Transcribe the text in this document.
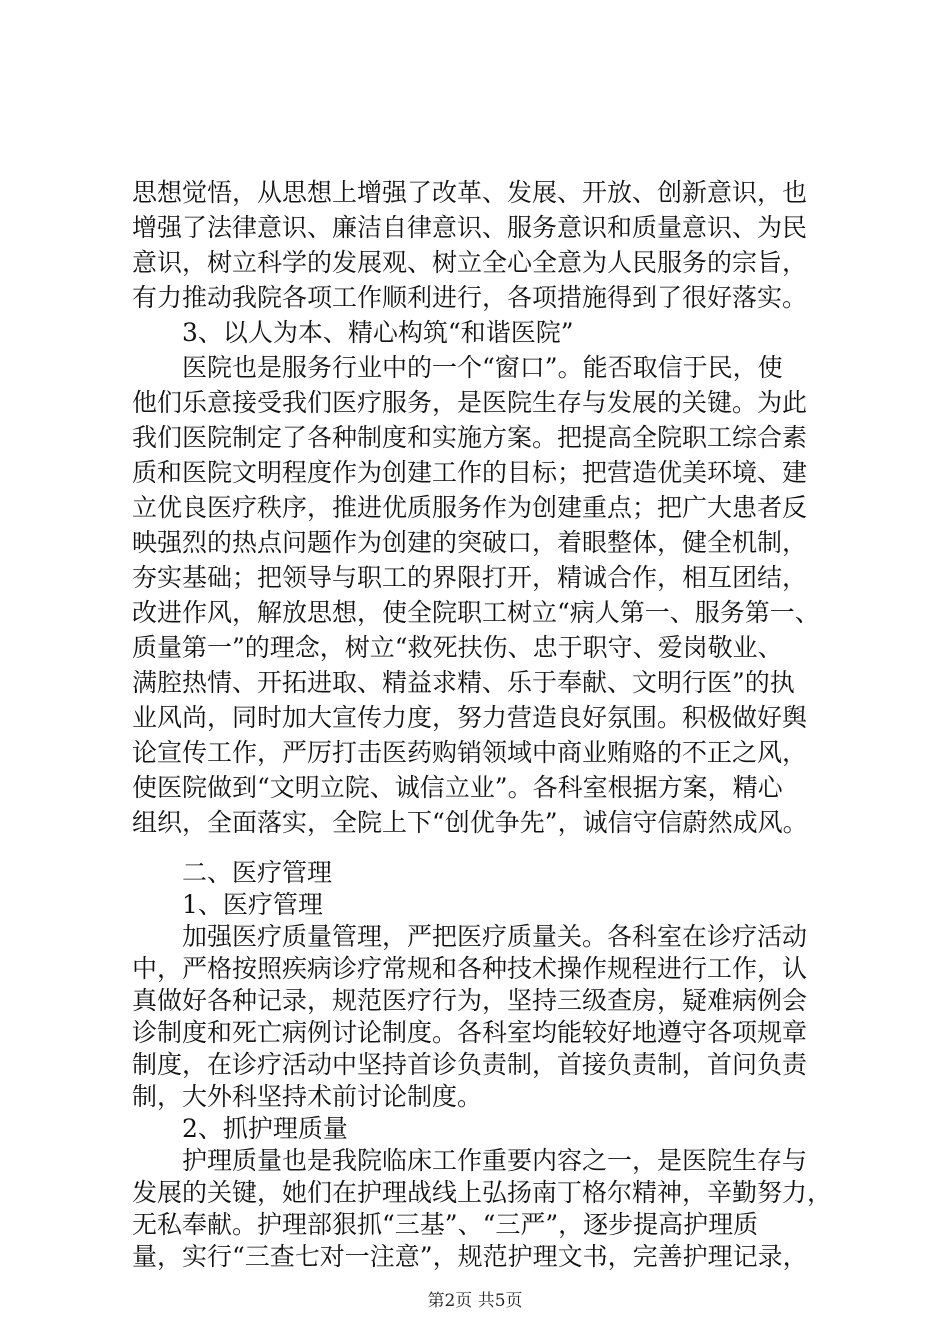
思想觉悟，从思想上增强了改革、发展、开放、创新意识，也
增强了法律意识、廉洁自律意识、服务意识和质量意识、为民
意识，树立科学的发展观、树立全心全意为人民服务的宗旨，
有力推动我院各项工作顺利进行，各项措施得到了很好落实。
3、以人为本、精心构筑“和谐医院”
医院也是服务行业中的一个“窗口”。能否取信于民，使
他们乐意接受我们医疗服务，是医院生存与发展的关键。为此
我们医院制定了各种制度和实施方案。把提高全院职工综合素
质和医院文明程度作为创建工作的目标；把营造优美环境、建
立优良医疗秩序，推进优质服务作为创建重点；把广大患者反
映强烈的热点问题作为创建的突破口，着眼整体，健全机制，
夯实基础；把领导与职工的界限打开，精诚合作，相互团结，
改进作风，解放思想，使全院职工树立“病人第一、服务第一、
质量第一”的理念，树立“救死扶伤、忠于职守、爱岗敬业、
满腔热情、开拓进取、精益求精、乐于奉献、文明行医”的执
业风尚，同时加大宣传力度，努力营造良好氛围。积极做好舆
论宣传工作，严厉打击医药购销领域中商业贿赂的不正之风，
使医院做到“文明立院、诚信立业”。各科室根据方案，精心
组织，全面落实，全院上下“创优争先”，诚信守信蔚然成风。
二、医疗管理
1、医疗管理
加强医疗质量管理，严把医疗质量关。各科室在诊疗活动
中，严格按照疾病诊疗常规和各种技术操作规程进行工作，认
真做好各种记录，规范医疗行为，坚持三级查房，疑难病例会
诊制度和死亡病例讨论制度。各科室均能较好地遵守各项规章
制度，在诊疗活动中坚持首诊负责制，首接负责制，首问负责
制，大外科坚持术前讨论制度。
2、抓护理质量
护理质量也是我院临床工作重要内容之一，是医院生存与
第2页 共5页
发展的关键，她们在护理战线上弘扬南丁格尔精神，辛勤努力，
无私奉献。护理部狠抓“三基”、“三严”，逐步提高护理质
量，实行“三查七对一注意”，规范护理文书，完善护理记录，
